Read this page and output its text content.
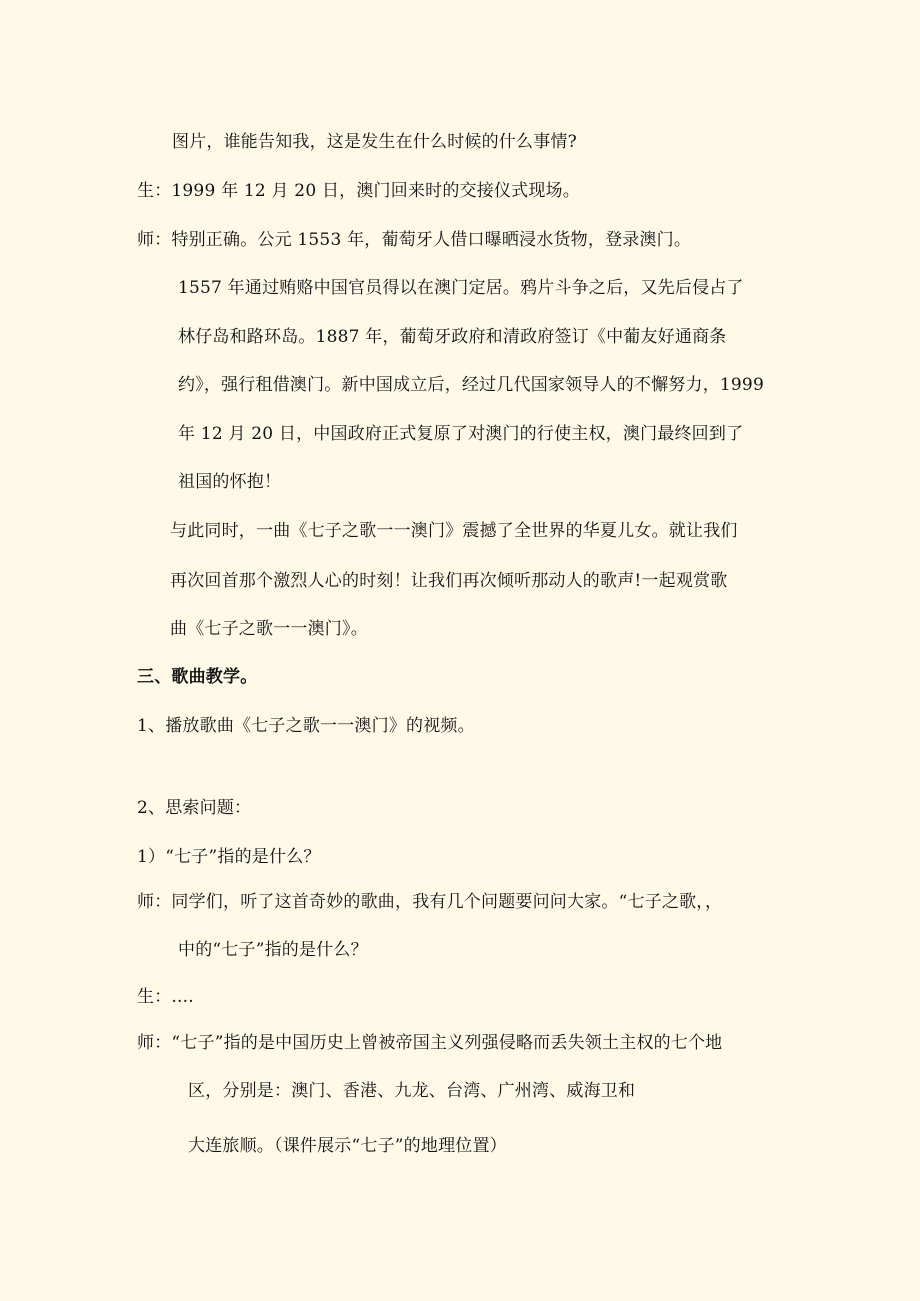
图片，谁能告知我，这是发生在什么时候的什么事情?
生：1999 年 12 月 20 日，澳门回来时的交接仪式现场。
师：特别正确。公元 1553 年，葡萄牙人借口曝晒浸水货物，登录澳门。
1557 年通过贿赂中国官员得以在澳门定居。鸦片斗争之后，又先后侵占了
林仔岛和路环岛。1887 年，葡萄牙政府和清政府签订《中葡友好通商条
约》，强行租借澳门。新中国成立后，经过几代国家领导人的不懈努力，1999
年 12 月 20 日，中国政府正式复原了对澳门的行使主权，澳门最终回到了
祖国的怀抱！
与此同时，一曲《七子之歌一一澳门》震撼了全世界的华夏儿女。就让我们
再次回首那个激烈人心的时刻！让我们再次倾听那动人的歌声!一起观赏歌
曲《七子之歌一一澳门》。
三、歌曲教学。
1、播放歌曲《七子之歌一一澳门》的视频。
2、思索问题：
1）“七子”指的是什么？
师：同学们，听了这首奇妙的歌曲，我有几个问题要问问大家。“七子之歌，，
中的“七子”指的是什么？
生：....
师：“七子”指的是中国历史上曾被帝国主义列强侵略而丢失领土主权的七个地
区，分别是：澳门、香港、九龙、台湾、广州湾、威海卫和
大连旅顺。（课件展示“七子”的地理位置）
